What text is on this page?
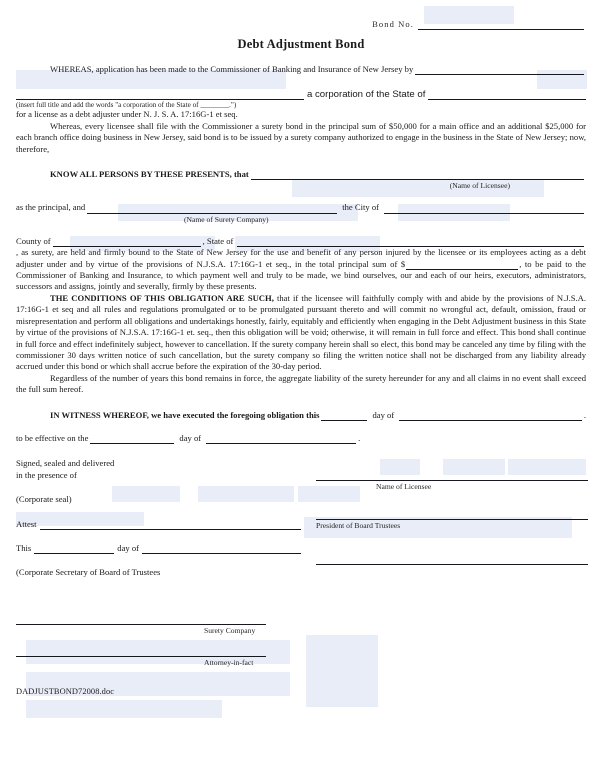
Bond No.
Debt Adjustment Bond
WHEREAS, application has been made to the Commissioner of Banking and Insurance of New Jersey by
a corporation of the State of
(insert full title and add the words "a corporation of the State of ________.")

for a license as a debt adjuster under N. J. S. A. 17:16G-1 et seq.

Whereas, every licensee shall file with the Commissioner a surety bond in the principal sum of $50,000 for a main office and an additional $25,000 for each branch office doing business in New Jersey, said bond is to be issued by a surety company authorized to engage in the business in the State of New Jersey; now, therefore,

KNOW ALL PERSONS BY THESE PRESENTS, that
(Name of Licensee)
as the principal, and	the City of
(Name of Surety Company)
County of	, State of

, as surety, are held and firmly bound to the State of New Jersey for the use and benefit of any person injured by the licensee or its employees acting as a debt adjuster under and by virtue of the provisions of N.J.S.A. 17:16G-1 et seq., in the total principal sum of $	, to be paid to the Commissioner of Banking and Insurance, to which payment well and truly to be made, we bind ourselves, our and each of our heirs, executors, administrators, successors and assigns, jointly and severally, firmly by these presents.

THE CONDITIONS OF THIS OBLIGATION ARE SUCH, that if the licensee will faithfully comply with and abide by the provisions of N.J.S.A. 17:16G-1 et seq and all rules and regulations promulgated or to be promulgated pursuant thereto and will commit no wrongful act, default, omission, fraud or misrepresentation and perform all obligations and undertakings honestly, fairly, equitably and efficiently when engaging in the Debt Adjustment business in this State by virtue of the provisions of N.J.S.A. 17:16G-1 et. seq., then this obligation will be void; otherwise, it will remain in full force and effect. This bond shall continue in full force and effect indefinitely subject, however to cancellation. If the surety company herein shall so elect, this bond may be canceled any time by filing with the commissioner 30 days written notice of such cancellation, but the surety company so filing the written notice shall not be discharged from any liability already accrued under this bond or which shall accrue before the expiration of the 30-day period.

Regardless of the number of years this bond remains in force, the aggregate liability of the surety hereunder for any and all claims in no event shall exceed the full sum hereof.

IN WITNESS WHEREOF, we have executed the foregoing obligation this	day of	.
to be effective on the	day of	.
Signed, sealed and delivered
in the presence of
(Corporate seal)
Attest
This	day of
(Corporate Secretary of Board of Trustees
Surety Company
Attorney-in-fact
Name of Licensee
President of Board Trustees
DADJUSTBOND72008.doc
